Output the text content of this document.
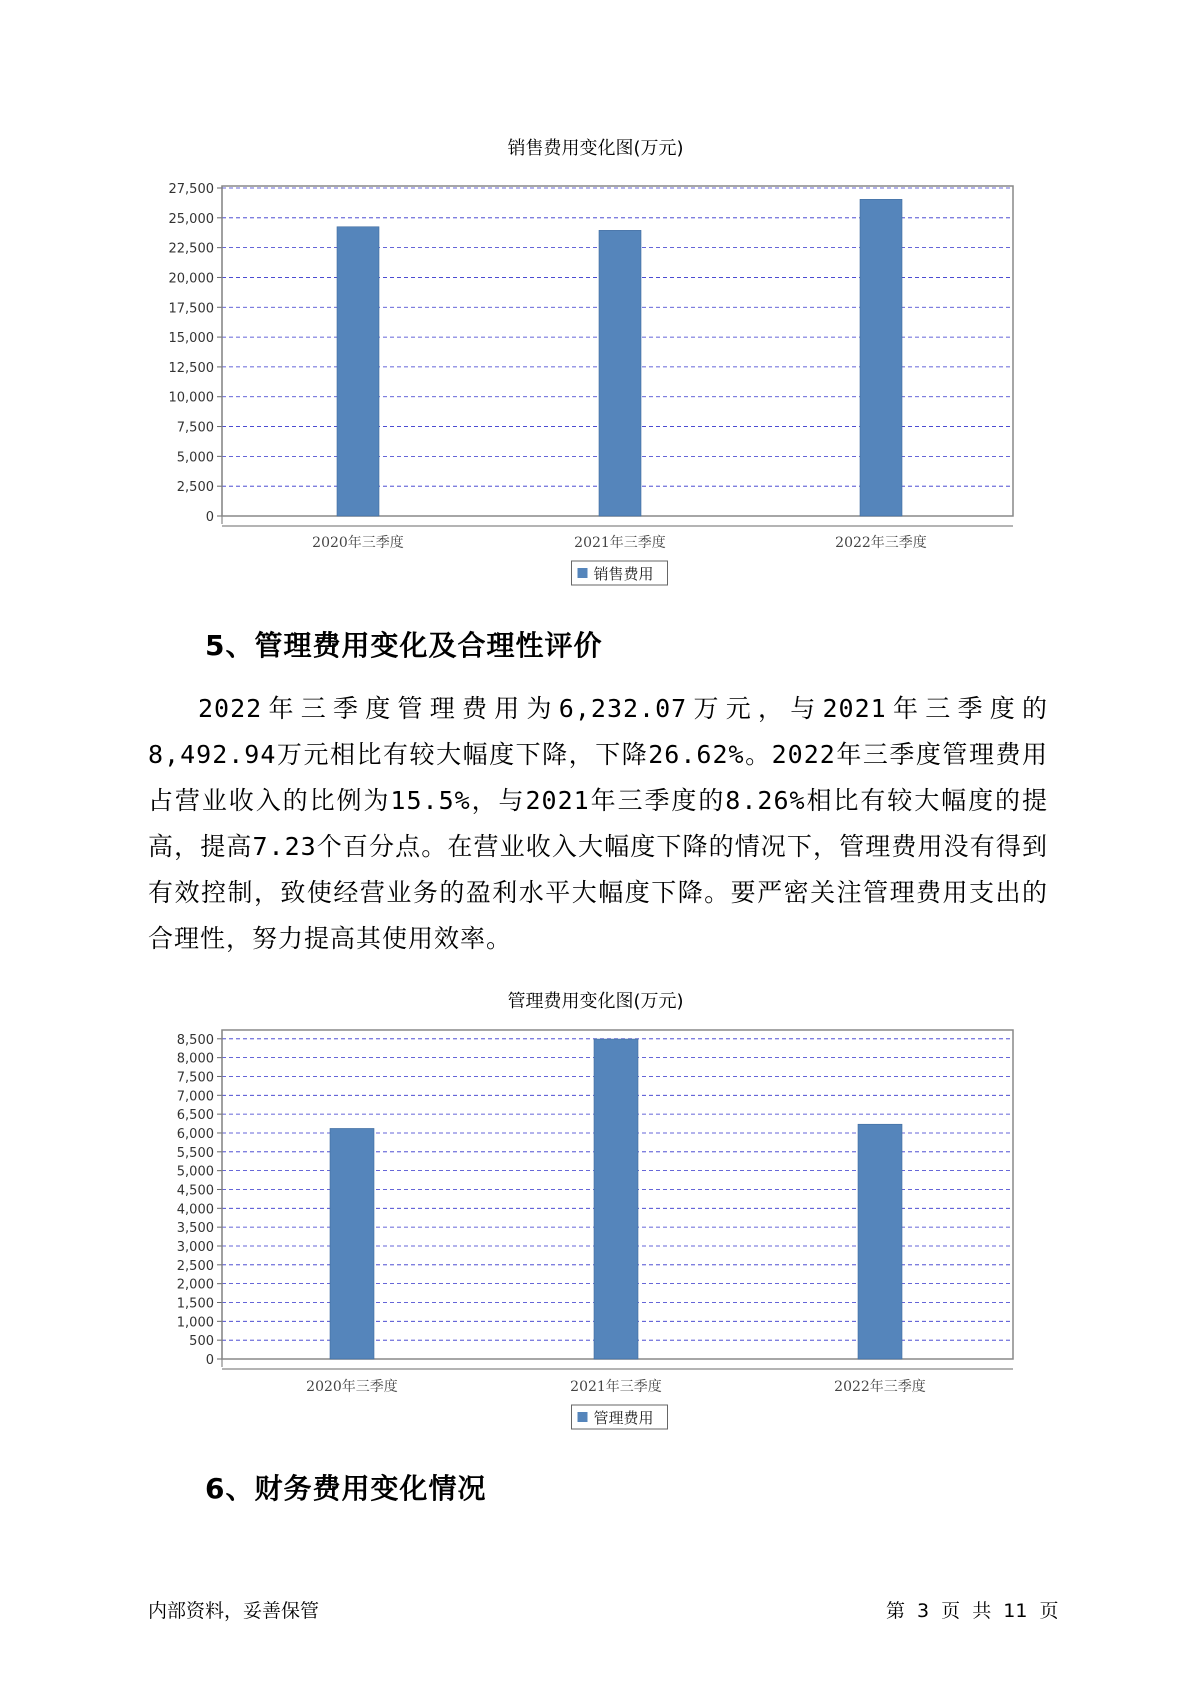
销售费用变化图(万元)
0
2,500
5,000
7,500
10,000
12,500
15,000
17,500
20,000
22,500
25,000
27,500
2020年三季度	2021年三季度	2022年三季度
销售费用
5、管理费用变化及合理性评价
2022年三季度管理费用为6,232.07万元，与2021年三季度的8,492.94万元相比有较大幅度下降，下降26.62%。2022年三季度管理费用占营业收入的比例为15.5%，与2021年三季度的8.26%相比有较大幅度的提高，提高7.23个百分点。在营业收入大幅度下降的情况下，管理费用没有得到有效控制，致使经营业务的盈利水平大幅度下降。要严密关注管理费用支出的合理性，努力提高其使用效率。
管理费用变化图(万元)
0
500
1,000
1,500
2,000
2,500
3,000
3,500
4,000
4,500
5,000
5,500
6,000
6,500
7,000
7,500
8,000
8,500
2020年三季度	2021年三季度	2022年三季度
管理费用
6、财务费用变化情况
内部资料，妥善保管	第 3 页 共 11 页
